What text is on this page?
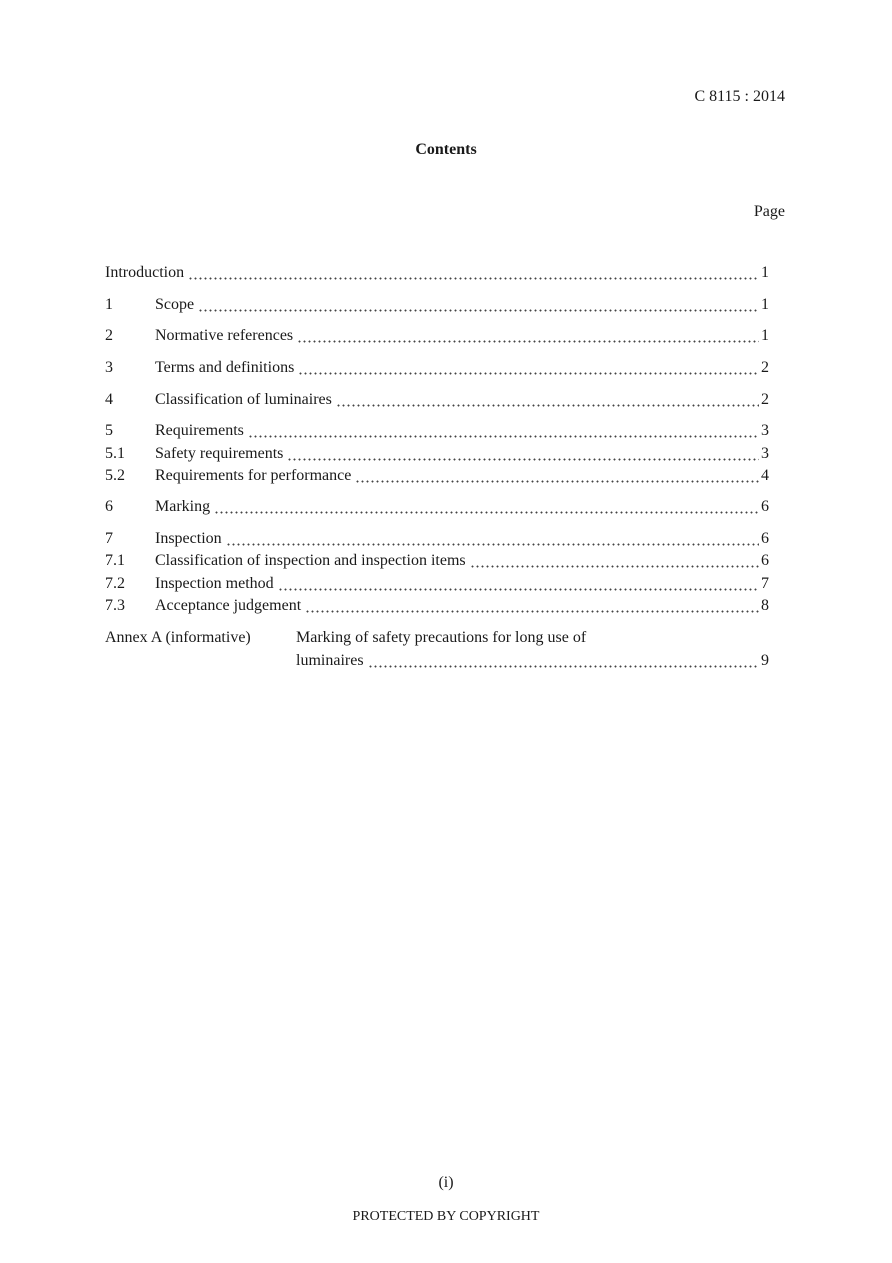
C 8115 : 2014
Contents
Page
Introduction	1
1	Scope	1
2	Normative references	1
3	Terms and definitions	2
4	Classification of luminaires	2
5	Requirements	3
5.1	Safety requirements	3
5.2	Requirements for performance	4
6	Marking	6
7	Inspection	6
7.1	Classification of inspection and inspection items	6
7.2	Inspection method	7
7.3	Acceptance judgement	8
Annex A (informative)	Marking of safety precautions for long use of
luminaires	9
(i)
PROTECTED BY COPYRIGHT
